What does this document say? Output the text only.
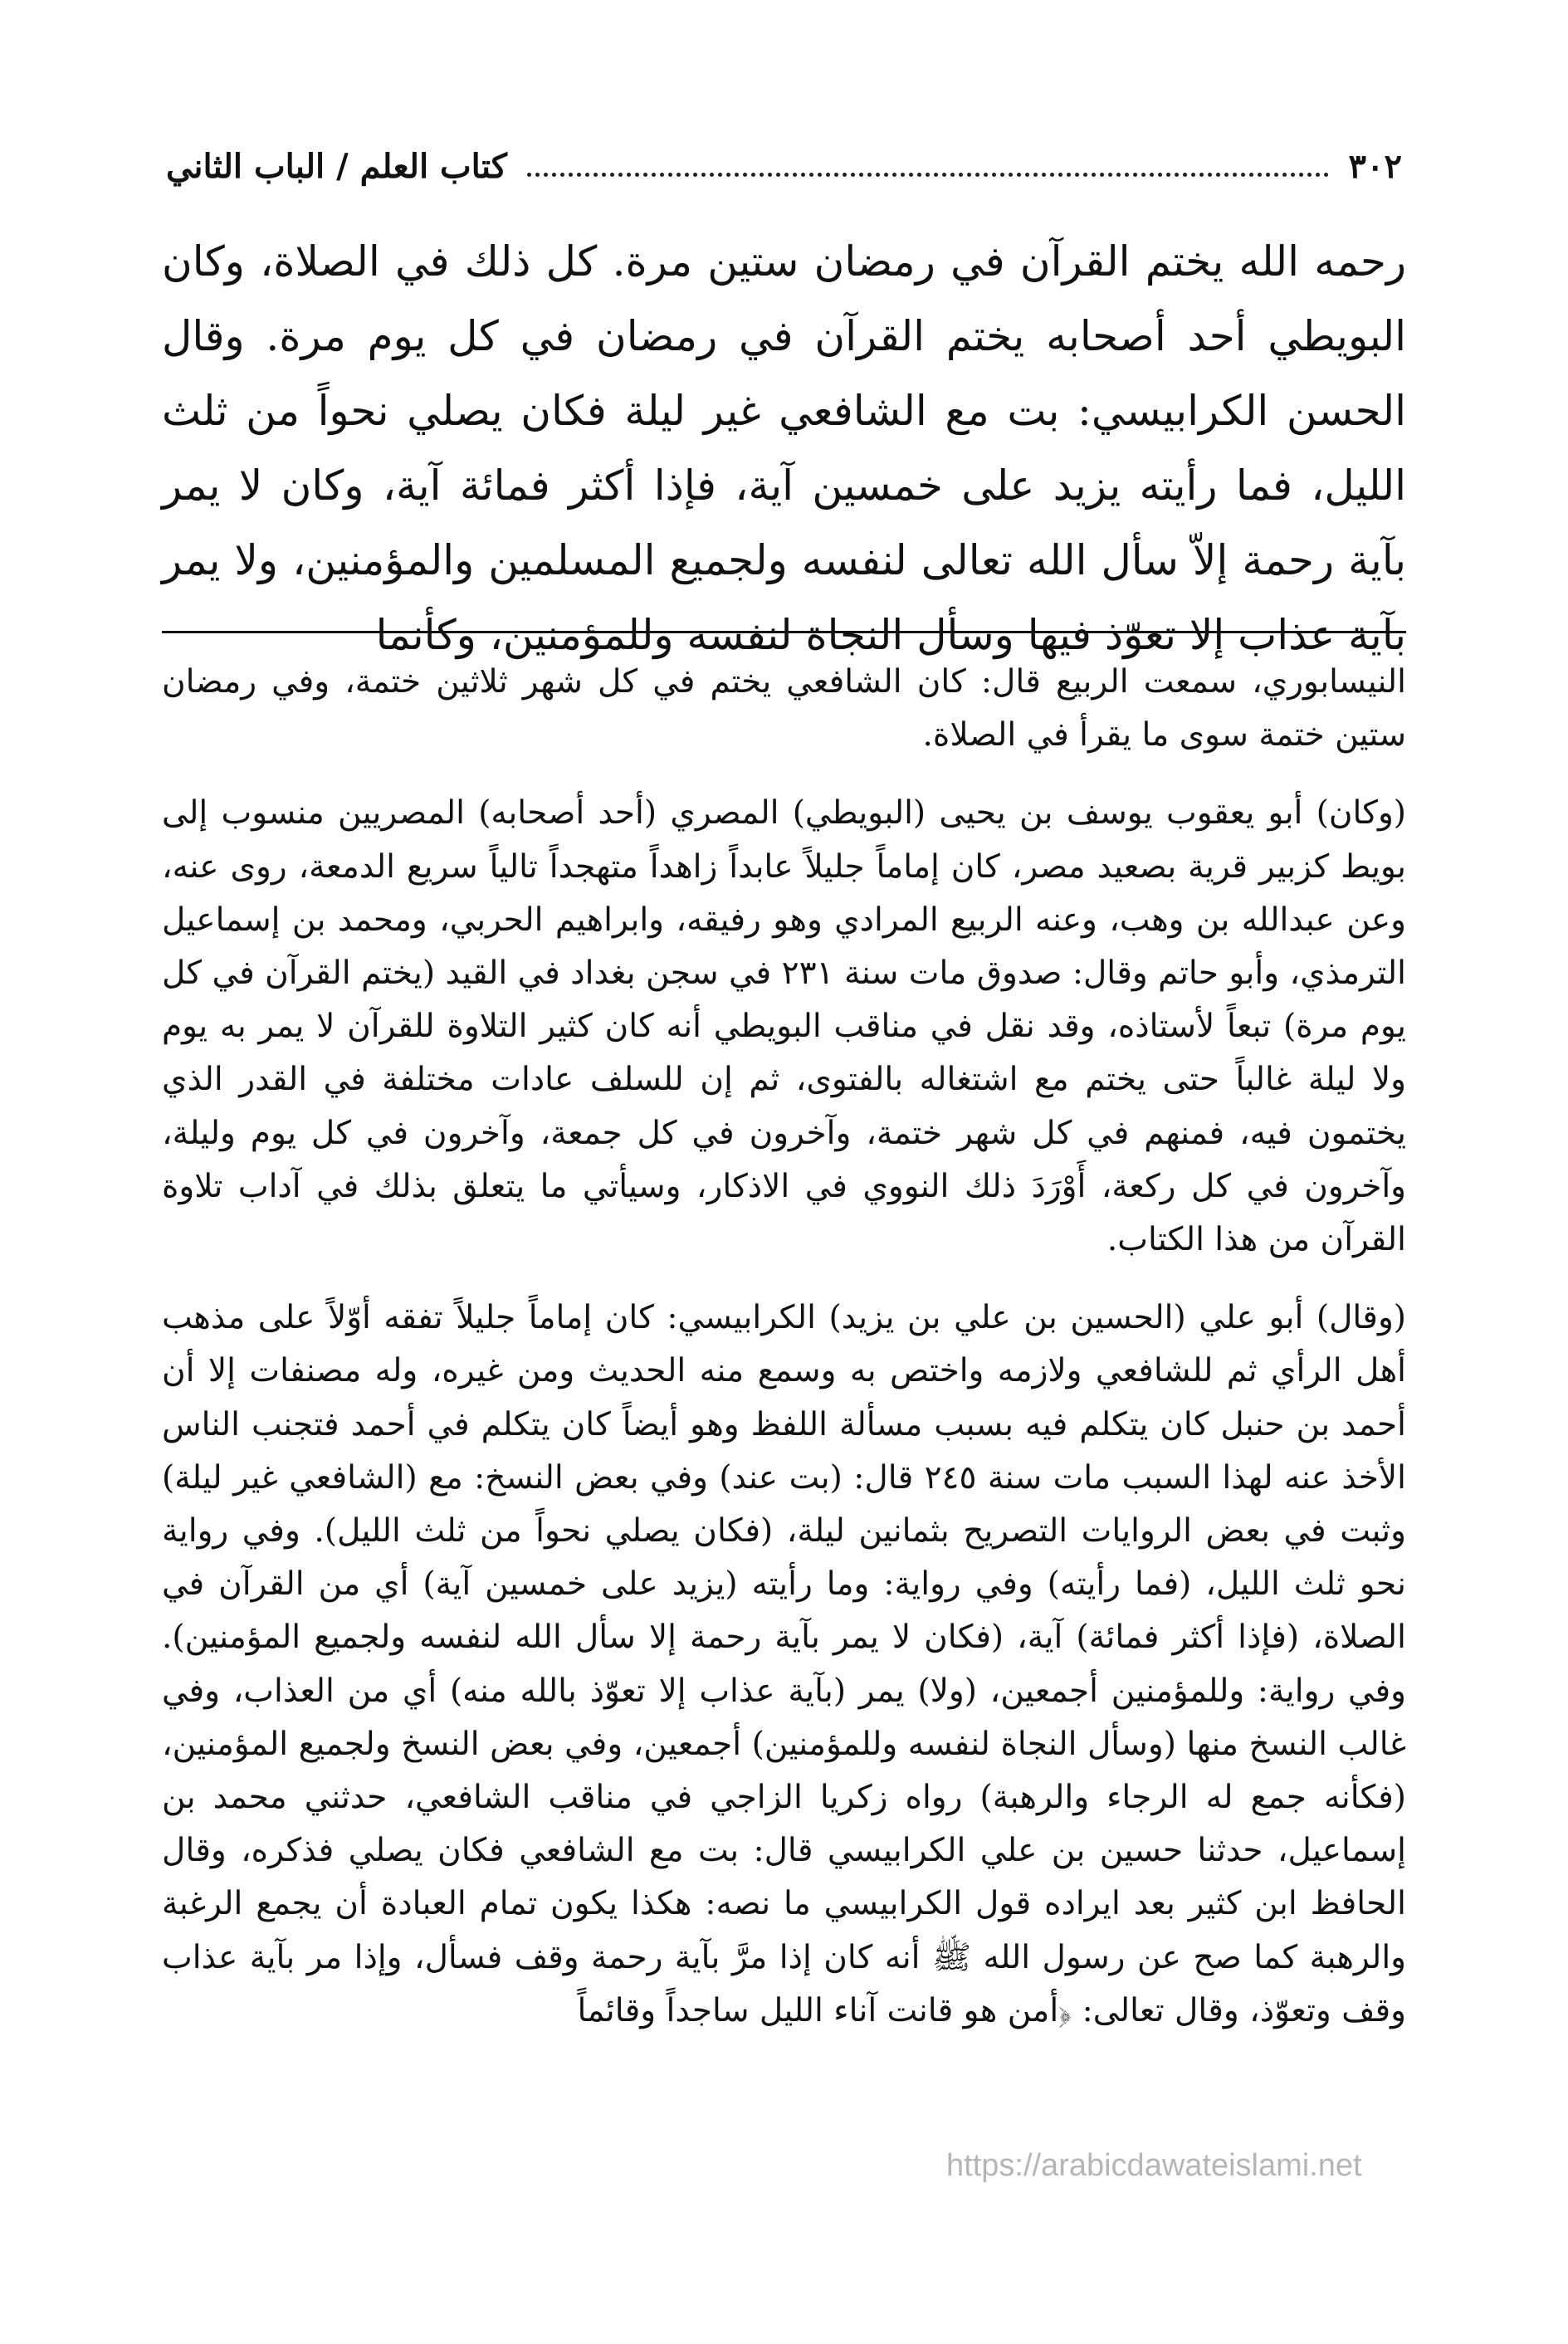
٣٠٢
كتاب العلم / الباب الثاني

رحمه الله يختم القرآن في رمضان ستين مرة. كل ذلك في الصلاة، وكان البويطي أحد أصحابه يختم القرآن في رمضان في كل يوم مرة. وقال الحسن الكرابيسي: بت مع الشافعي غير ليلة فكان يصلي نحواً من ثلث الليل، فما رأيته يزيد على خمسين آية، فإذا أكثر فمائة آية، وكان لا يمر بآية رحمة إلاّ سأل الله تعالى لنفسه ولجميع المسلمين والمؤمنين، ولا يمر بآية عذاب إلا تعوّذ فيها وسأل النجاة لنفسه وللمؤمنين، وكأنما

النيسابوري، سمعت الربيع قال: كان الشافعي يختم في كل شهر ثلاثين ختمة، وفي رمضان ستين ختمة سوى ما يقرأ في الصلاة.

(وكان) أبو يعقوب يوسف بن يحيى (البويطي) المصري (أحد أصحابه) المصريين منسوب إلى بويط كزبير قرية بصعيد مصر، كان إماماً جليلاً عابداً زاهداً متهجداً تالياً سريع الدمعة، روى عنه، وعن عبدالله بن وهب، وعنه الربيع المرادي وهو رفيقه، وابراهيم الحربي، ومحمد بن إسماعيل الترمذي، وأبو حاتم وقال: صدوق مات سنة ٢٣١ في سجن بغداد في القيد (يختم القرآن في كل يوم مرة) تبعاً لأستاذه، وقد نقل في مناقب البويطي أنه كان كثير التلاوة للقرآن لا يمر به يوم ولا ليلة غالباً حتى يختم مع اشتغاله بالفتوى، ثم إن للسلف عادات مختلفة في القدر الذي يختمون فيه، فمنهم في كل شهر ختمة، وآخرون في كل جمعة، وآخرون في كل يوم وليلة، وآخرون في كل ركعة، أَوْرَدَ ذلك النووي في الاذكار، وسيأتي ما يتعلق بذلك في آداب تلاوة القرآن من هذا الكتاب.

(وقال) أبو علي (الحسين بن علي بن يزيد) الكرابيسي: كان إماماً جليلاً تفقه أوّلاً على مذهب أهل الرأي ثم للشافعي ولازمه واختص به وسمع منه الحديث ومن غيره، وله مصنفات إلا أن أحمد بن حنبل كان يتكلم فيه بسبب مسألة اللفظ وهو أيضاً كان يتكلم في أحمد فتجنب الناس الأخذ عنه لهذا السبب مات سنة ٢٤٥ قال: (بت عند) وفي بعض النسخ: مع (الشافعي غير ليلة) وثبت في بعض الروايات التصريح بثمانين ليلة، (فكان يصلي نحواً من ثلث الليل). وفي رواية نحو ثلث الليل، (فما رأيته) وفي رواية: وما رأيته (يزيد على خمسين آية) أي من القرآن في الصلاة، (فإذا أكثر فمائة) آية، (فكان لا يمر بآية رحمة إلا سأل الله لنفسه ولجميع المؤمنين). وفي رواية: وللمؤمنين أجمعين، (ولا) يمر (بآية عذاب إلا تعوّذ بالله منه) أي من العذاب، وفي غالب النسخ منها (وسأل النجاة لنفسه وللمؤمنين) أجمعين، وفي بعض النسخ ولجميع المؤمنين، (فكأنه جمع له الرجاء والرهبة) رواه زكريا الزاجي في مناقب الشافعي، حدثني محمد بن إسماعيل، حدثنا حسين بن علي الكرابيسي قال: بت مع الشافعي فكان يصلي فذكره، وقال الحافظ ابن كثير بعد ايراده قول الكرابيسي ما نصه: هكذا يكون تمام العبادة أن يجمع الرغبة والرهبة كما صح عن رسول الله ﷺ أنه كان إذا مرَّ بآية رحمة وقف فسأل، وإذا مر بآية عذاب وقف وتعوّذ، وقال تعالى: ﴿أمن هو قانت آناء الليل ساجداً وقائماً

https://arabicdawateislami.net
